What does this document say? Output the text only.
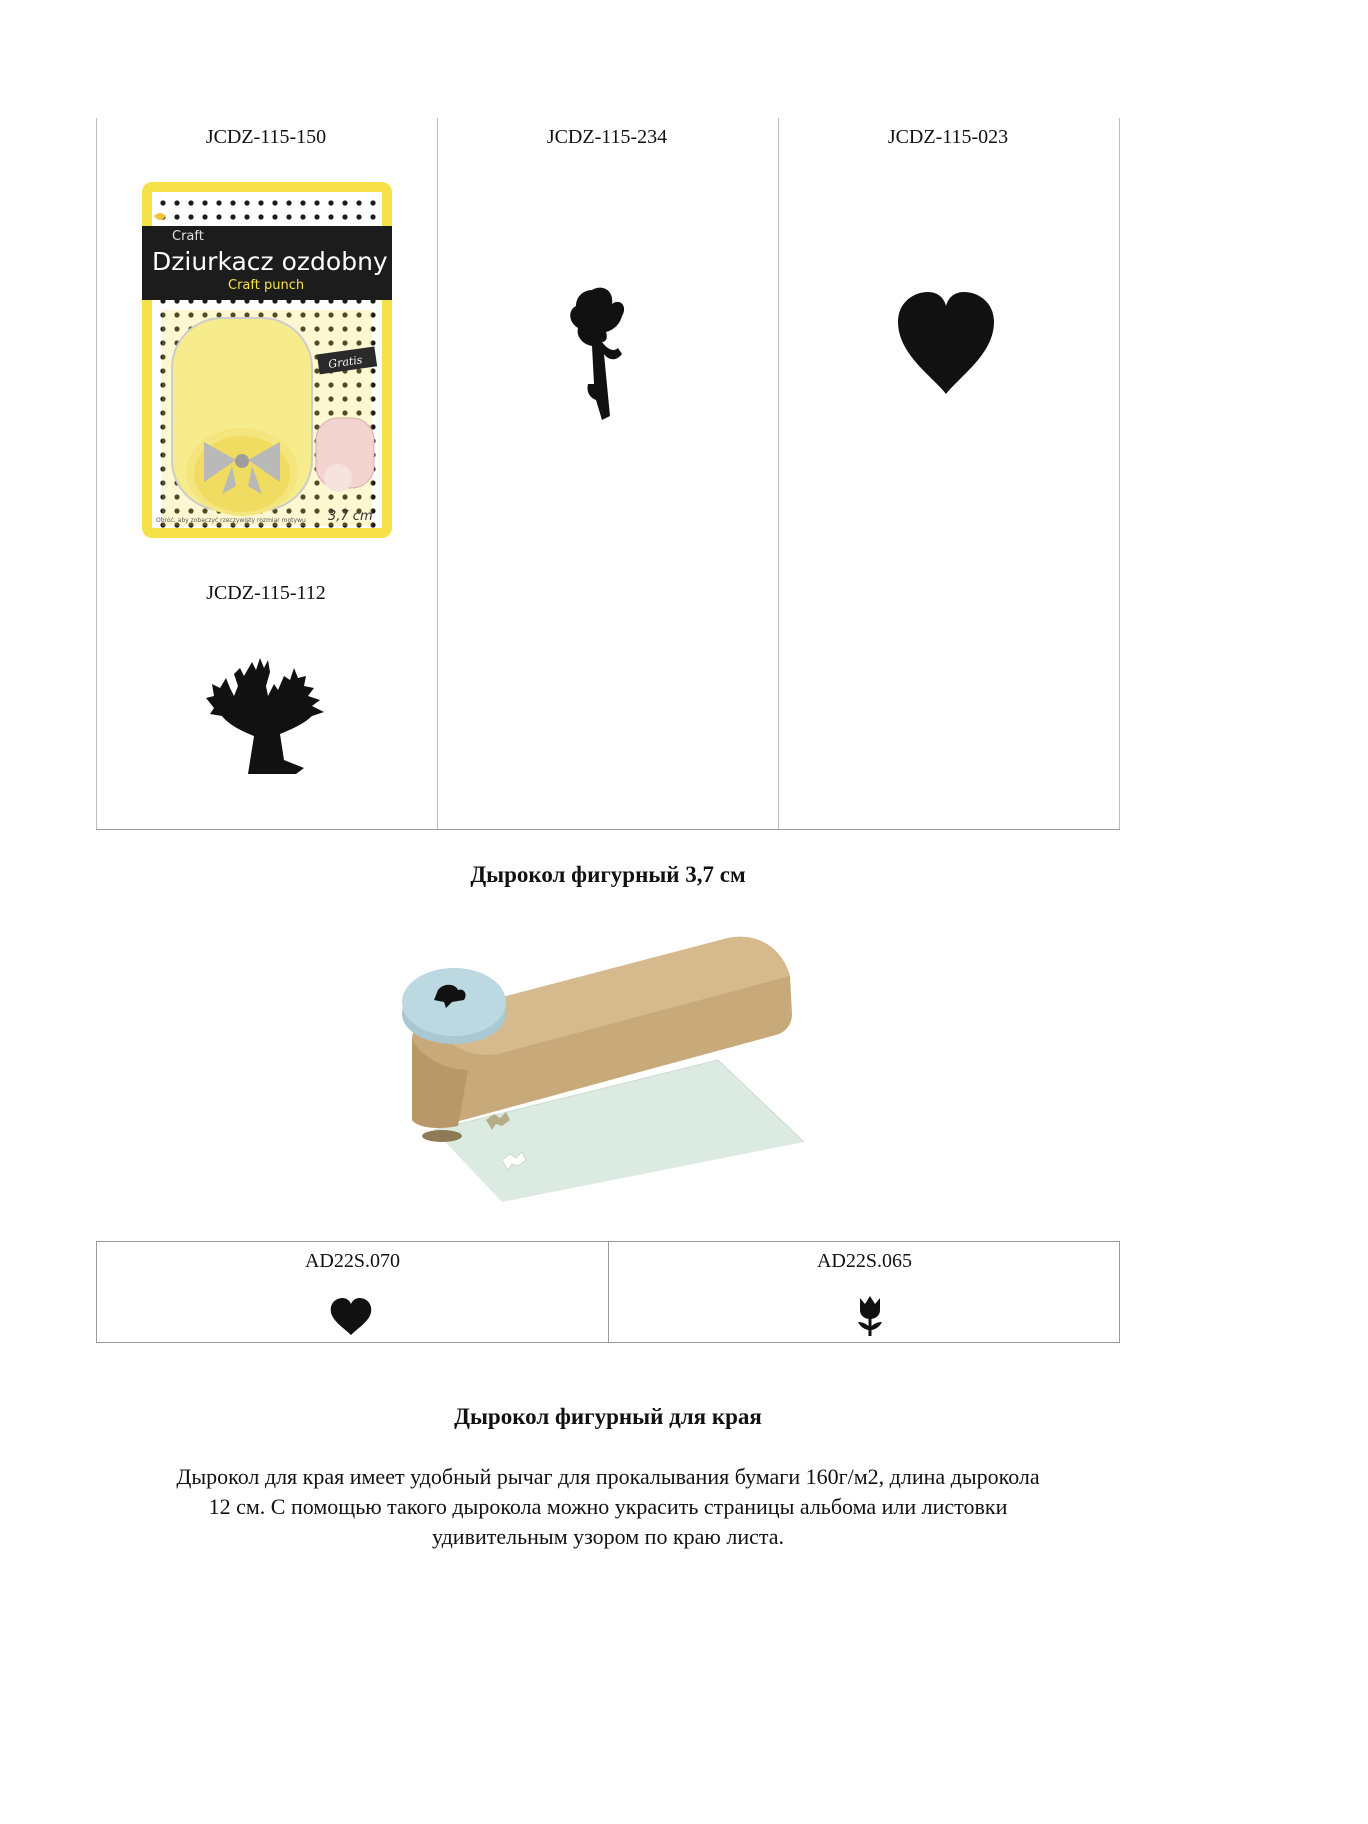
JCDZ-115-150	JCDZ-115-234	JCDZ-115-023
JCDZ-115-112
Craft
Dziurkacz ozdobny
Craft punch
Gratis
Obróć, aby zobaczyć rzeczywisty rozmiar motywu 3,7 cm
Дырокол фигурный 3,7 см
AD22S.070	AD22S.065
Дырокол фигурный для края
Дырокол для края имеет удобный рычаг для прокалывания бумаги 160г/м2, длина дырокола
12 см. С помощью такого дырокола можно украсить страницы альбома или листовки
удивительным узором по краю листа.
